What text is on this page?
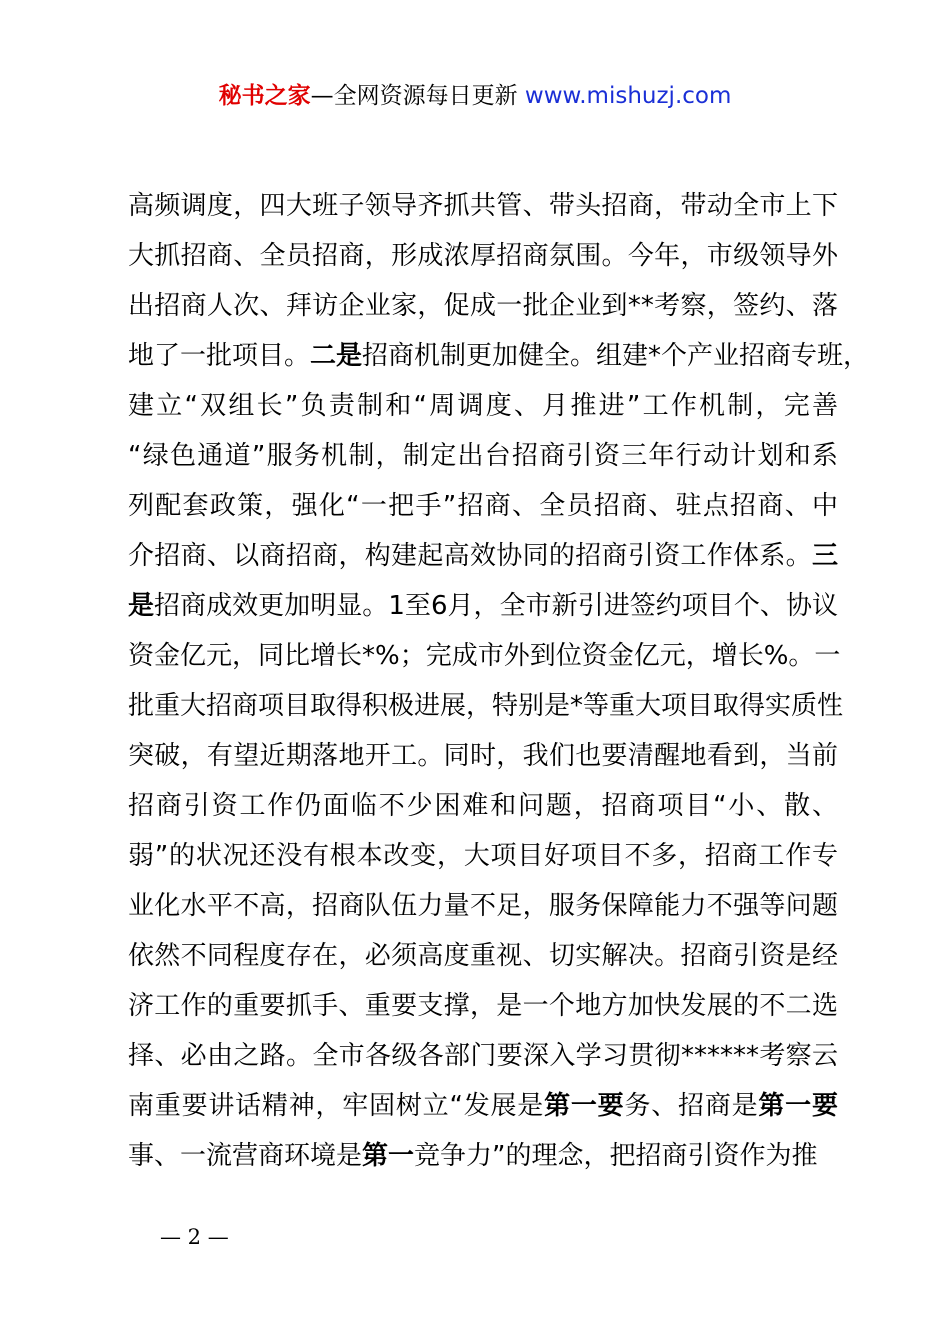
秘书之家—全网资源每日更新 www.mishuzj.com
高频调度，四大班子领导齐抓共管、带头招商，带动全市上下
大抓招商、全员招商，形成浓厚招商氛围。今年，市级领导外
出招商人次、拜访企业家，促成一批企业到**考察，签约、落
地了一批项目。二是招商机制更加健全。组建*个产业招商专班，
建立“双组长”负责制和“周调度、月推进”工作机制，完善
“绿色通道”服务机制，制定出台招商引资三年行动计划和系
列配套政策，强化“一把手”招商、全员招商、驻点招商、中
介招商、以商招商，构建起高效协同的招商引资工作体系。三
是招商成效更加明显。1至6月，全市新引进签约项目个、协议
资金亿元，同比增长*%；完成市外到位资金亿元，增长%。一
批重大招商项目取得积极进展，特别是*等重大项目取得实质性
突破，有望近期落地开工。同时，我们也要清醒地看到，当前
招商引资工作仍面临不少困难和问题，招商项目“小、散、
弱”的状况还没有根本改变，大项目好项目不多，招商工作专
业化水平不高，招商队伍力量不足，服务保障能力不强等问题
依然不同程度存在，必须高度重视、切实解决。招商引资是经
济工作的重要抓手、重要支撑，是一个地方加快发展的不二选
择、必由之路。全市各级各部门要深入学习贯彻******考察云
南重要讲话精神，牢固树立“发展是第一要务、招商是第一要
事、一流营商环境是第一竞争力”的理念，把招商引资作为推
— 2 —
